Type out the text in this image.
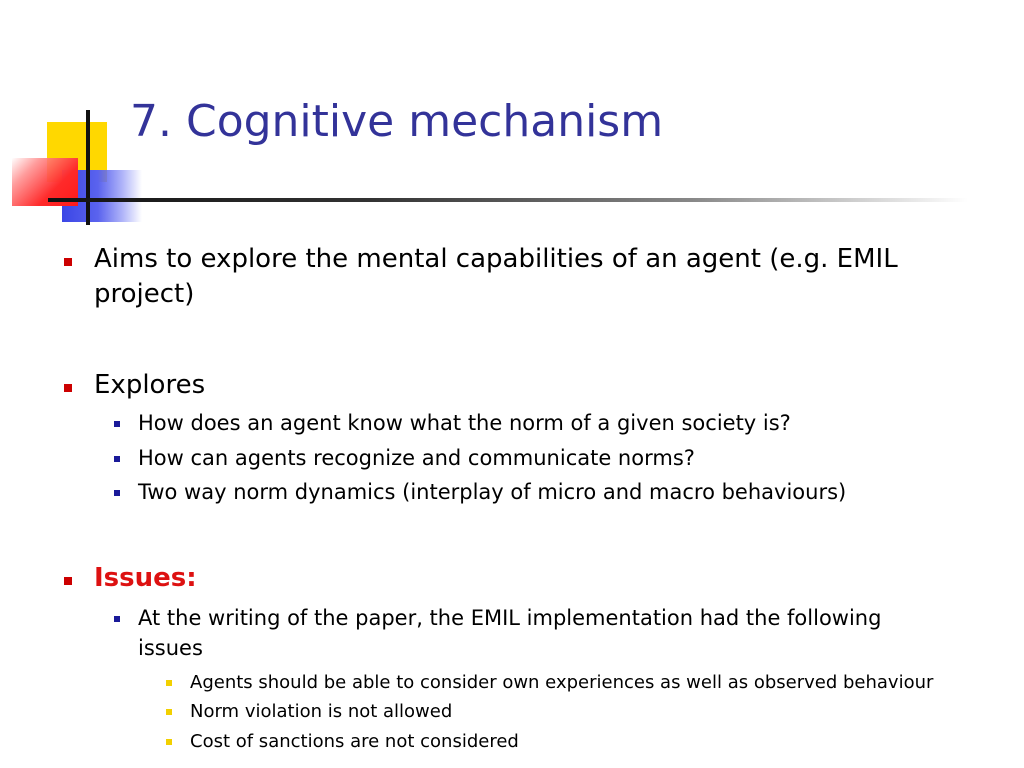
7. Cognitive mechanism
Aims to explore the mental capabilities of an agent (e.g. EMIL project)
Explores
How does an agent know what the norm of a given society is?
How can agents recognize and communicate norms?
Two way norm dynamics (interplay of micro and macro behaviours)
Issues:
At the writing of the paper, the EMIL implementation had the following issues
Agents should be able to consider own experiences as well as observed behaviour
Norm violation is not allowed
Cost of sanctions are not considered
